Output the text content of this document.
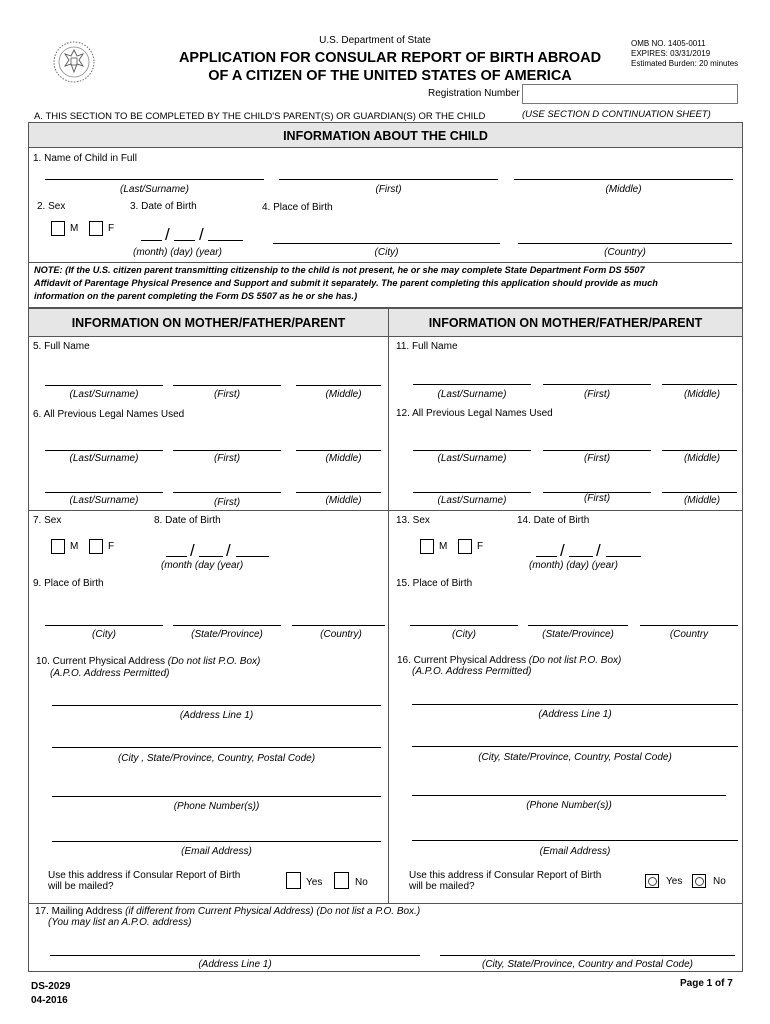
U.S. Department of State
APPLICATION FOR CONSULAR REPORT OF BIRTH ABROAD
OF A CITIZEN OF THE UNITED STATES OF AMERICA
OMB NO. 1405-0011
EXPIRES: 03/31/2019
Estimated Burden: 20 minutes
Registration Number
A. THIS SECTION TO BE COMPLETED BY THE CHILD'S PARENT(S) OR GUARDIAN(S) OR THE CHILD	(USE SECTION D CONTINUATION SHEET)
INFORMATION ABOUT THE CHILD
1. Name of Child in Full
(Last/Surname)	(First)	(Middle)
2. Sex	3. Date of Birth	4. Place of Birth
M	F	/ /
(month) (day) (year)	(City)	(Country)
NOTE: (If the U.S. citizen parent transmitting citizenship to the child is not present, he or she may complete State Department Form DS 5507
Affidavit of Parentage Physical Presence and Support and submit it separately. The parent completing this application should provide as much
information on the parent completing the Form DS 5507 as he or she has.)
INFORMATION ON MOTHER/FATHER/PARENT	INFORMATION ON MOTHER/FATHER/PARENT
5. Full Name
(Last/Surname)	(First)	(Middle)
6. All Previous Legal Names Used
(Last/Surname)	(First)	(Middle)
(Last/Surname)	(First)	(Middle)
7. Sex	8. Date of Birth
M	F	/ /
(month (day (year)
9. Place of Birth
(City)	(State/Province)	(Country)
10. Current Physical Address (Do not list P.O. Box)
(A.P.O. Address Permitted)
(Address Line 1)
(City , State/Province, Country, Postal Code)
(Phone Number(s))
(Email Address)
Use this address if Consular Report of Birth
will be mailed?	Yes	No
11. Full Name
(Last/Surname)	(First)	(Middle)
12. All Previous Legal Names Used
(Last/Surname)	(First)	(Middle)
(Last/Surname)	(First)	(Middle)
13. Sex	14. Date of Birth
M	F	/ /
(month) (day) (year)
15. Place of Birth
(City)	(State/Province)	(Country
16. Current Physical Address (Do not list P.O. Box)
(A.P.O. Address Permitted)
(Address Line 1)
(City, State/Province, Country, Postal Code)
(Phone Number(s))
(Email Address)
Use this address if Consular Report of Birth
will be mailed?	Yes	No
17. Mailing Address (if different from Current Physical Address) (Do not list a P.O. Box.)
(You may list an A.P.O. address)
(Address Line 1)	(City, State/Province, Country and Postal Code)
DS-2029
04-2016
Page 1 of 7
